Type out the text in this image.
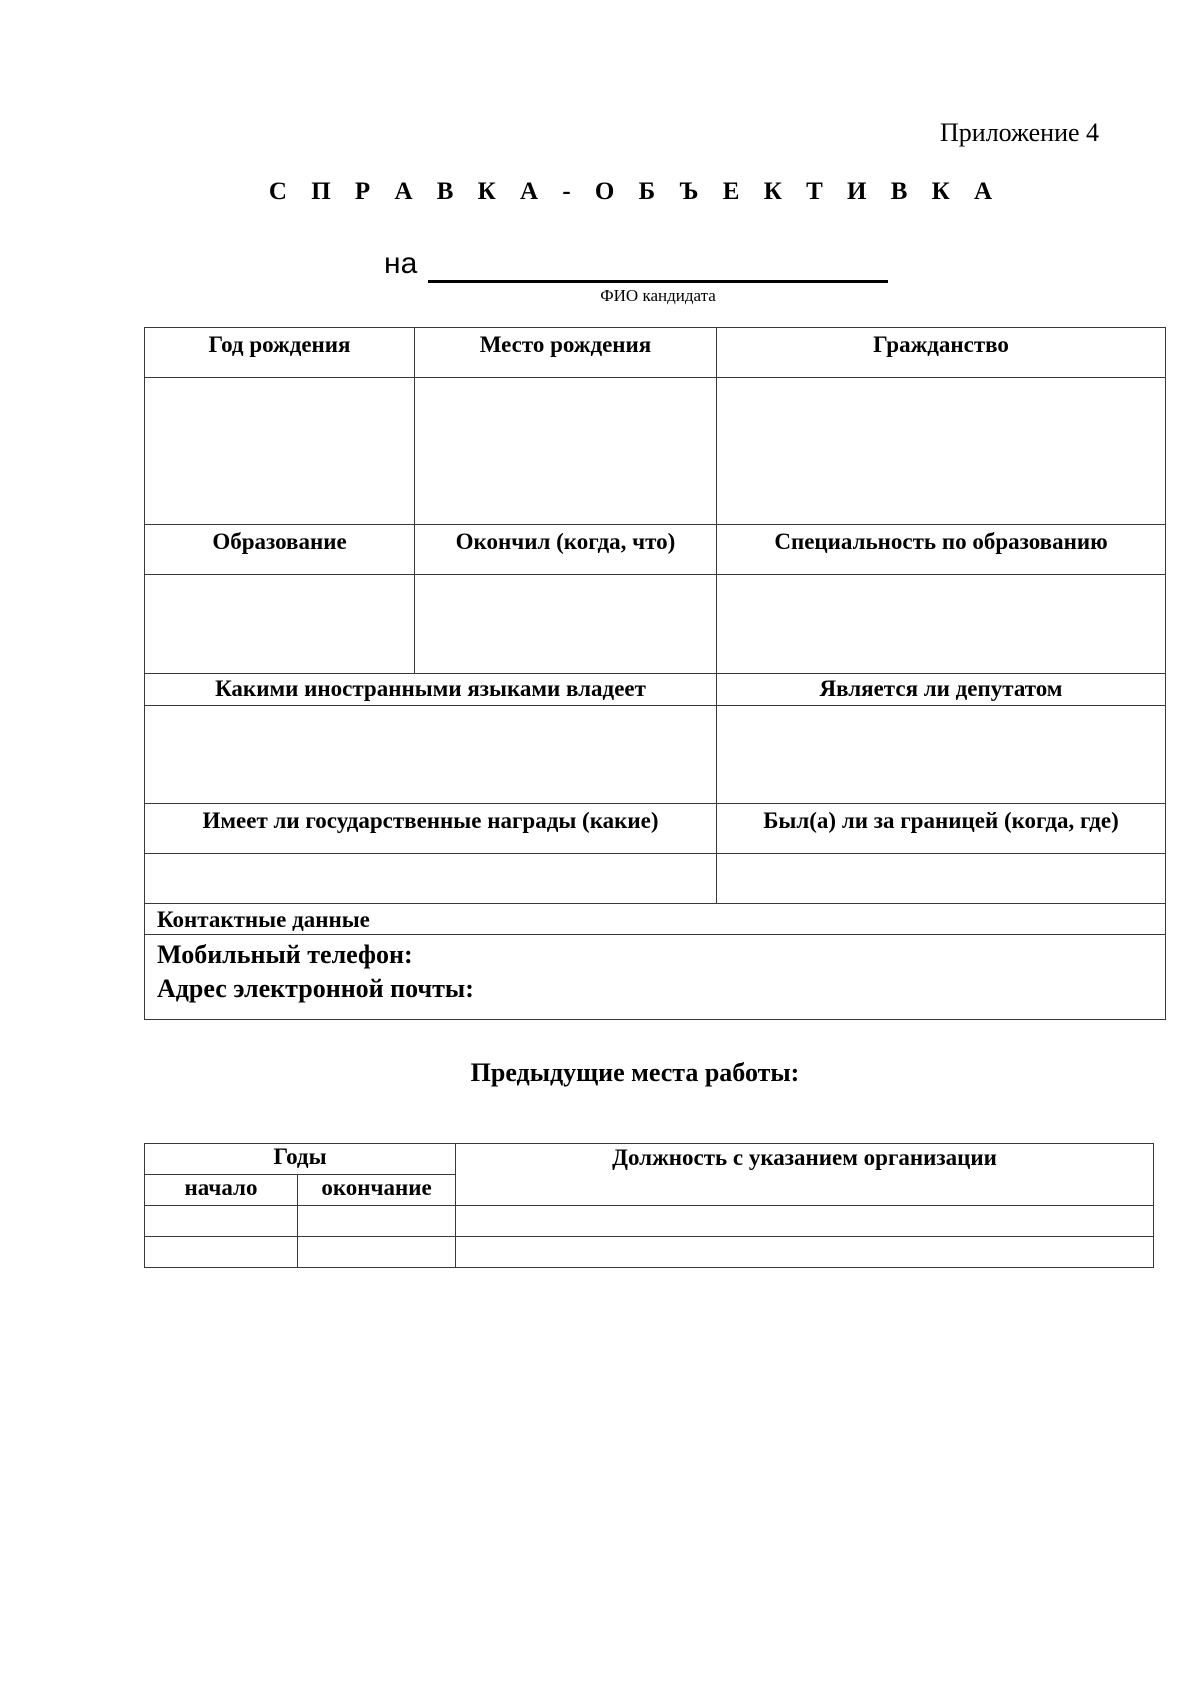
Приложение 4
С П Р А В К А - О Б Ъ Е К Т И В К А
на
ФИО кандидата
Год рождения	Место рождения	Гражданство

Образование	Окончил (когда, что)	Специальность по образованию

Какими иностранными языками владеет		Является ли депутатом

Имеет ли государственные награды (какие)		Был(а) ли за границей (когда, где)

Контактные данные		

Мобильный телефон:
Адрес электронной почты:		
Предыдущие места работы:
Годы		Должность с указанием организации
начало	окончание	
